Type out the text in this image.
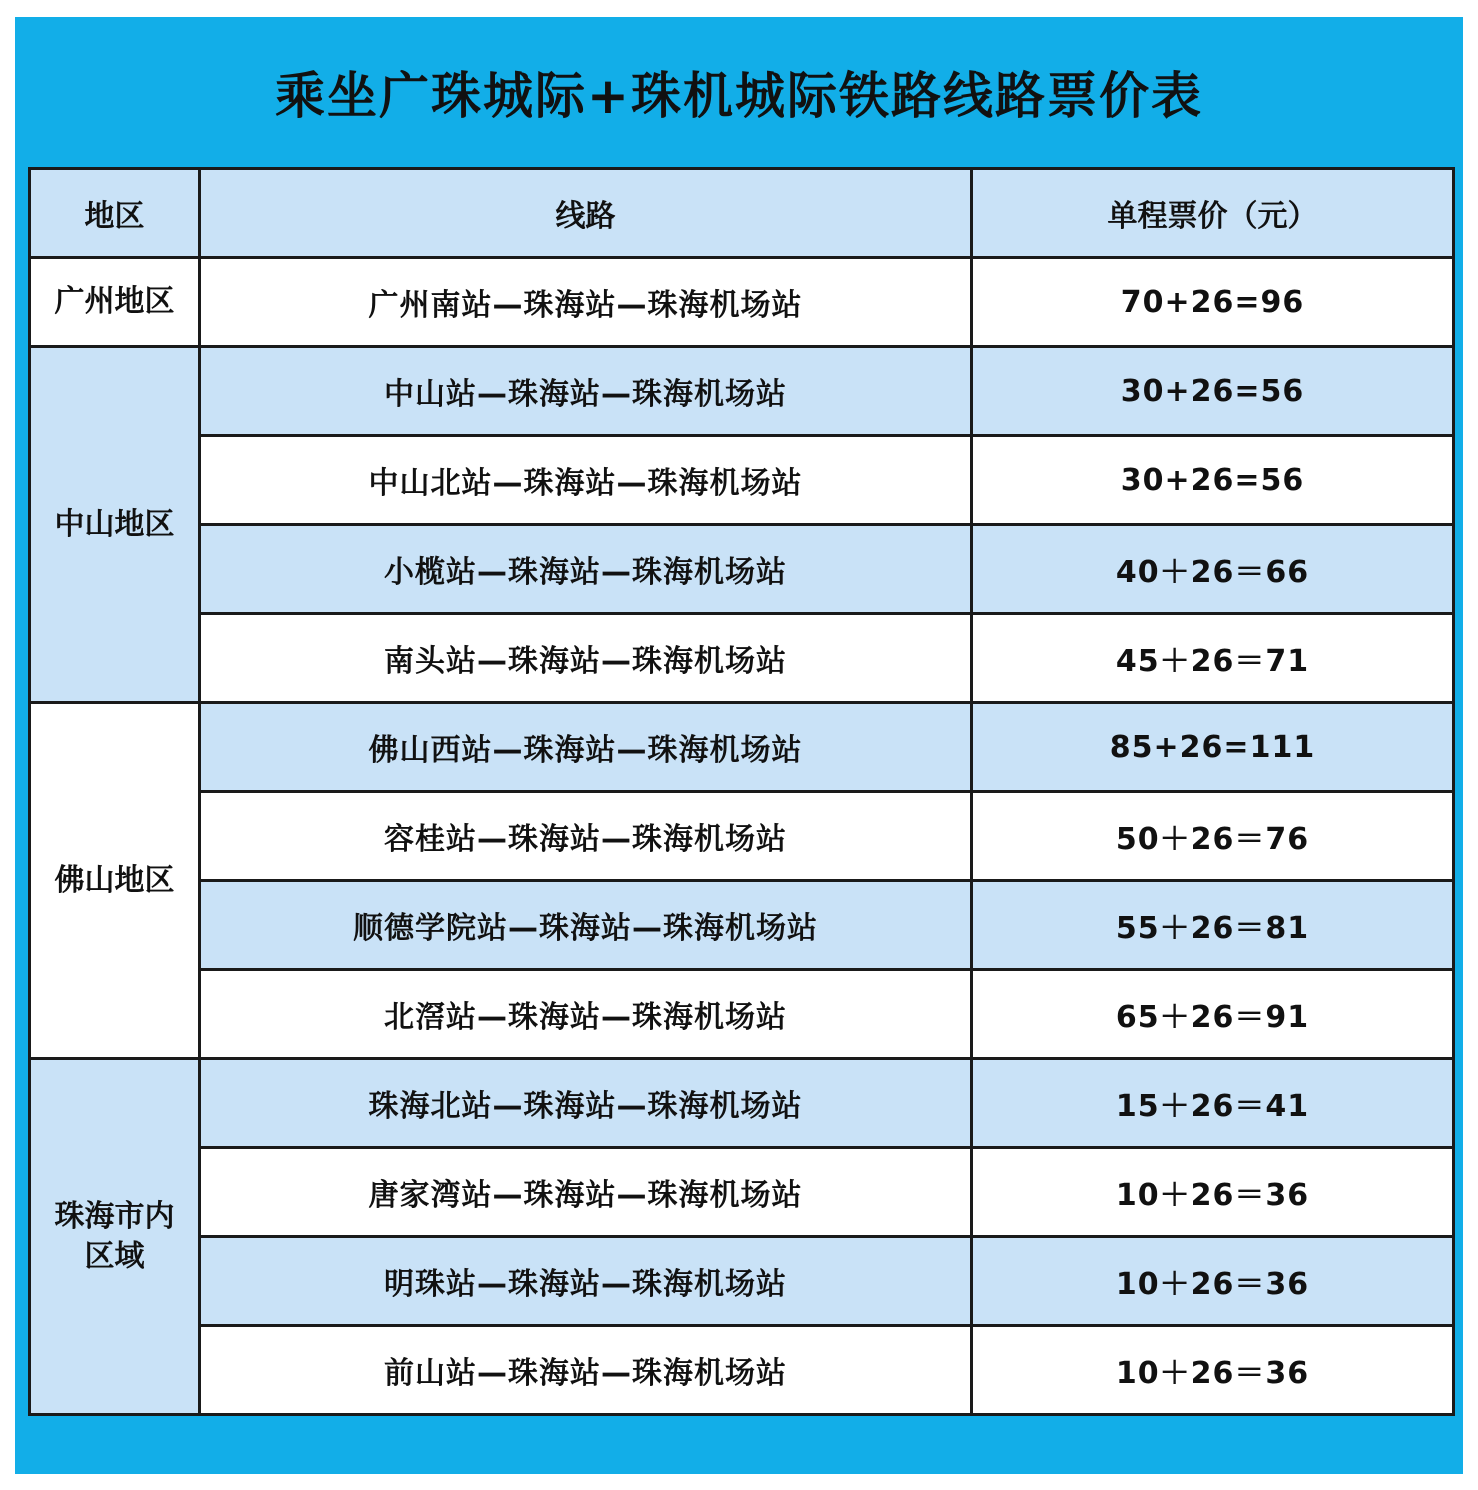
乘坐广珠城际+珠机城际铁路线路票价表
地区	线路	单程票价（元）
广州地区	广州南站—珠海站—珠海机场站	70+26=96
中山地区	中山站—珠海站—珠海机场站	30+26=56
	中山北站—珠海站—珠海机场站	30+26=56
	小榄站—珠海站—珠海机场站	40＋26＝66
	南头站—珠海站—珠海机场站	45＋26＝71
佛山地区	佛山西站—珠海站—珠海机场站	85+26=111
	容桂站—珠海站—珠海机场站	50＋26＝76
	顺德学院站—珠海站—珠海机场站	55＋26＝81
	北滘站—珠海站—珠海机场站	65＋26＝91
珠海市内区域	珠海北站—珠海站—珠海机场站	15＋26＝41
	唐家湾站—珠海站—珠海机场站	10＋26＝36
	明珠站—珠海站—珠海机场站	10＋26＝36
	前山站—珠海站—珠海机场站	10＋26＝36
